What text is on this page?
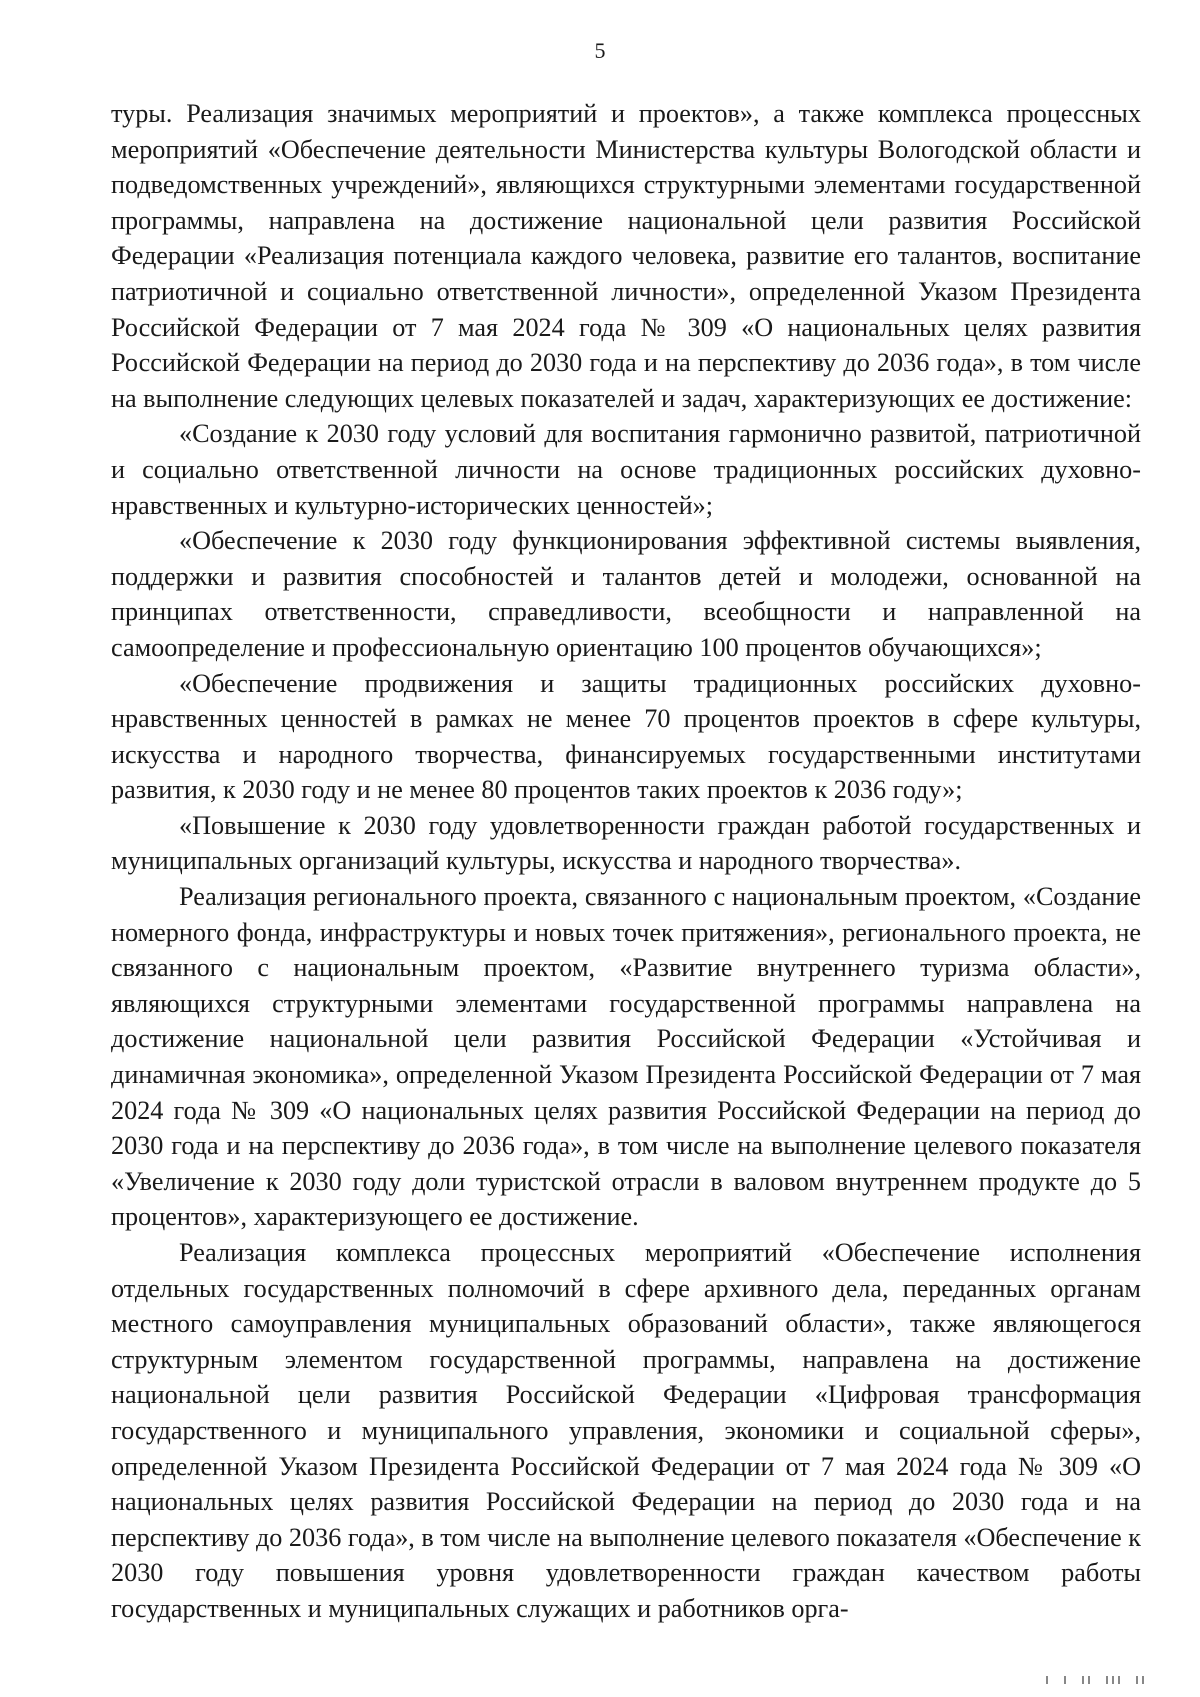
5

туры. Реализация значимых мероприятий и проектов», а также комплекса процессных мероприятий «Обеспечение деятельности Министерства культуры Вологодской области и подведомственных учреждений», являющихся структурными элементами государственной программы, направлена на достижение национальной цели развития Российской Федерации «Реализация потенциала каждого человека, развитие его талантов, воспитание патриотичной и социально ответственной личности», определенной Указом Президента Российской Федерации от 7 мая 2024 года № 309 «О национальных целях развития Российской Федерации на период до 2030 года и на перспективу до 2036 года», в том числе на выполнение следующих целевых показателей и задач, характеризующих ее достижение:

«Создание к 2030 году условий для воспитания гармонично развитой, патриотичной и социально ответственной личности на основе традиционных российских духовно-нравственных и культурно-исторических ценностей»;

«Обеспечение к 2030 году функционирования эффективной системы выявления, поддержки и развития способностей и талантов детей и молодежи, основанной на принципах ответственности, справедливости, всеобщности и направленной на самоопределение и профессиональную ориентацию 100 процентов обучающихся»;

«Обеспечение продвижения и защиты традиционных российских духовно-нравственных ценностей в рамках не менее 70 процентов проектов в сфере культуры, искусства и народного творчества, финансируемых государственными институтами развития, к 2030 году и не менее 80 процентов таких проектов к 2036 году»;

«Повышение к 2030 году удовлетворенности граждан работой государственных и муниципальных организаций культуры, искусства и народного творчества».

Реализация регионального проекта, связанного с национальным проектом, «Создание номерного фонда, инфраструктуры и новых точек притяжения», регионального проекта, не связанного с национальным проектом, «Развитие внутреннего туризма области», являющихся структурными элементами государственной программы направлена на достижение национальной цели развития Российской Федерации «Устойчивая и динамичная экономика», определенной Указом Президента Российской Федерации от 7 мая 2024 года № 309 «О национальных целях развития Российской Федерации на период до 2030 года и на перспективу до 2036 года», в том числе на выполнение целевого показателя «Увеличение к 2030 году доли туристской отрасли в валовом внутреннем продукте до 5 процентов», характеризующего ее достижение.

Реализация комплекса процессных мероприятий «Обеспечение исполнения отдельных государственных полномочий в сфере архивного дела, переданных органам местного самоуправления муниципальных образований области», также являющегося структурным элементом государственной программы, направлена на достижение национальной цели развития Российской Федерации «Цифровая трансформация государственного и муниципального управления, экономики и социальной сферы», определенной Указом Президента Российской Федерации от 7 мая 2024 года № 309 «О национальных целях развития Российской Федерации на период до 2030 года и на перспективу до 2036 года», в том числе на выполнение целевого показателя «Обеспечение к 2030 году повышения уровня удовлетворенности граждан качеством работы государственных и муниципальных служащих и работников орга-
